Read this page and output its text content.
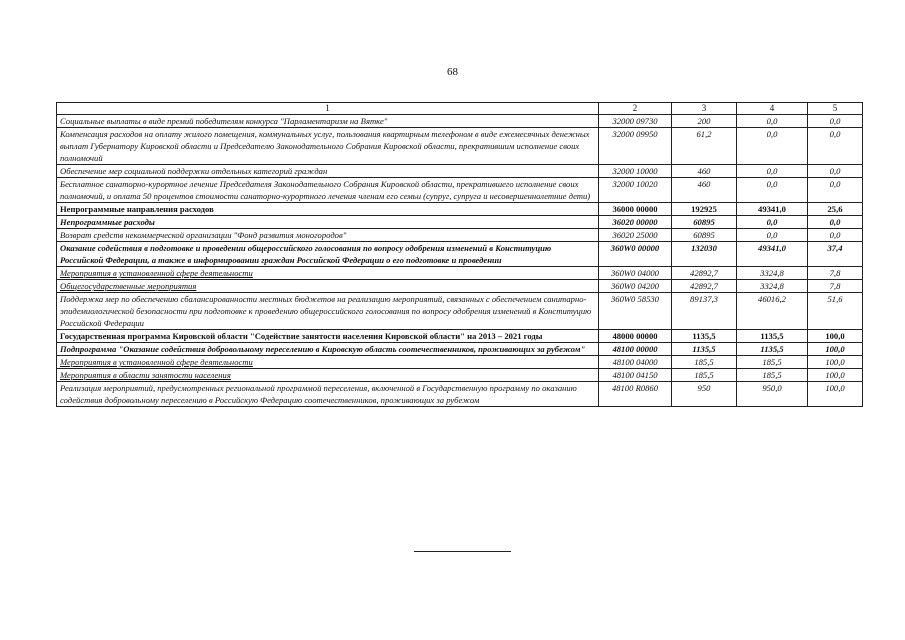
68
1	2	3	4	5
Социальные выплаты в виде премий победителям конкурса "Парламентаризм на Вятке"	32000 09730	200	0,0	0,0
Компенсация расходов на оплату жилого помещения, коммунальных услуг, пользования квартирным телефоном в виде ежемесячных денежных выплат Губернатору Кировской области и Председателю Законодательного Собрания Кировской области, прекратившим исполнение своих полномочий	32000 09950	61,2	0,0	0,0
Обеспечение мер социальной поддержки отдельных категорий граждан	32000 10000	460	0,0	0,0
Бесплатное санаторно-курортное лечение Председателя Законодательного Собрания Кировской области, прекратившего исполнение своих полномочий, и оплата 50 процентов стоимости санаторно-курортного лечения членам его семьи (супруг, супруга и несовершеннолетние дети)	32000 10020	460	0,0	0,0
Непрограммные направления расходов	36000 00000	192925	49341,0	25,6
Непрограммные расходы	36020 00000	60895	0,0	0,0
Возврат средств некоммерческой организации "Фонд развития моногородов"	36020 25000	60895	0,0	0,0
Оказание содействия в подготовке и проведении общероссийского голосования по вопросу одобрения изменений в Конституцию Российской Федерации, а также в информировании граждан Российской Федерации о его подготовке и проведении	360W0 00000	132030	49341,0	37,4
Мероприятия в установленной сфере деятельности	360W0 04000	42892,7	3324,8	7,8
Общегосударственные мероприятия	360W0 04200	42892,7	3324,8	7,8
Поддержка мер по обеспечению сбалансированности местных бюджетов на реализацию мероприятий, связанных с обеспечением санитарно-эпидемиологической безопасности при подготовке к проведению общероссийского голосования по вопросу одобрения изменений в Конституцию Российской Федерации	360W0 58530	89137,3	46016,2	51,6
Государственная программа Кировской области "Содействие занятости населения Кировской области" на 2013 – 2021 годы	48000 00000	1135,5	1135,5	100,0
Подпрограмма "Оказание содействия добровольному переселению в Кировскую область соотечественников, проживающих за рубежом"	48100 00000	1135,5	1135,5	100,0
Мероприятия в установленной сфере деятельности	48100 04000	185,5	185,5	100,0
Мероприятия в области занятости населения	48100 04150	185,5	185,5	100,0
Реализация мероприятий, предусмотренных региональной программой переселения, включенной в Государственную программу по оказанию содействия добровольному переселению в Российскую Федерацию соотечественников, проживающих за рубежом	48100 R0860	950	950,0	100,0
